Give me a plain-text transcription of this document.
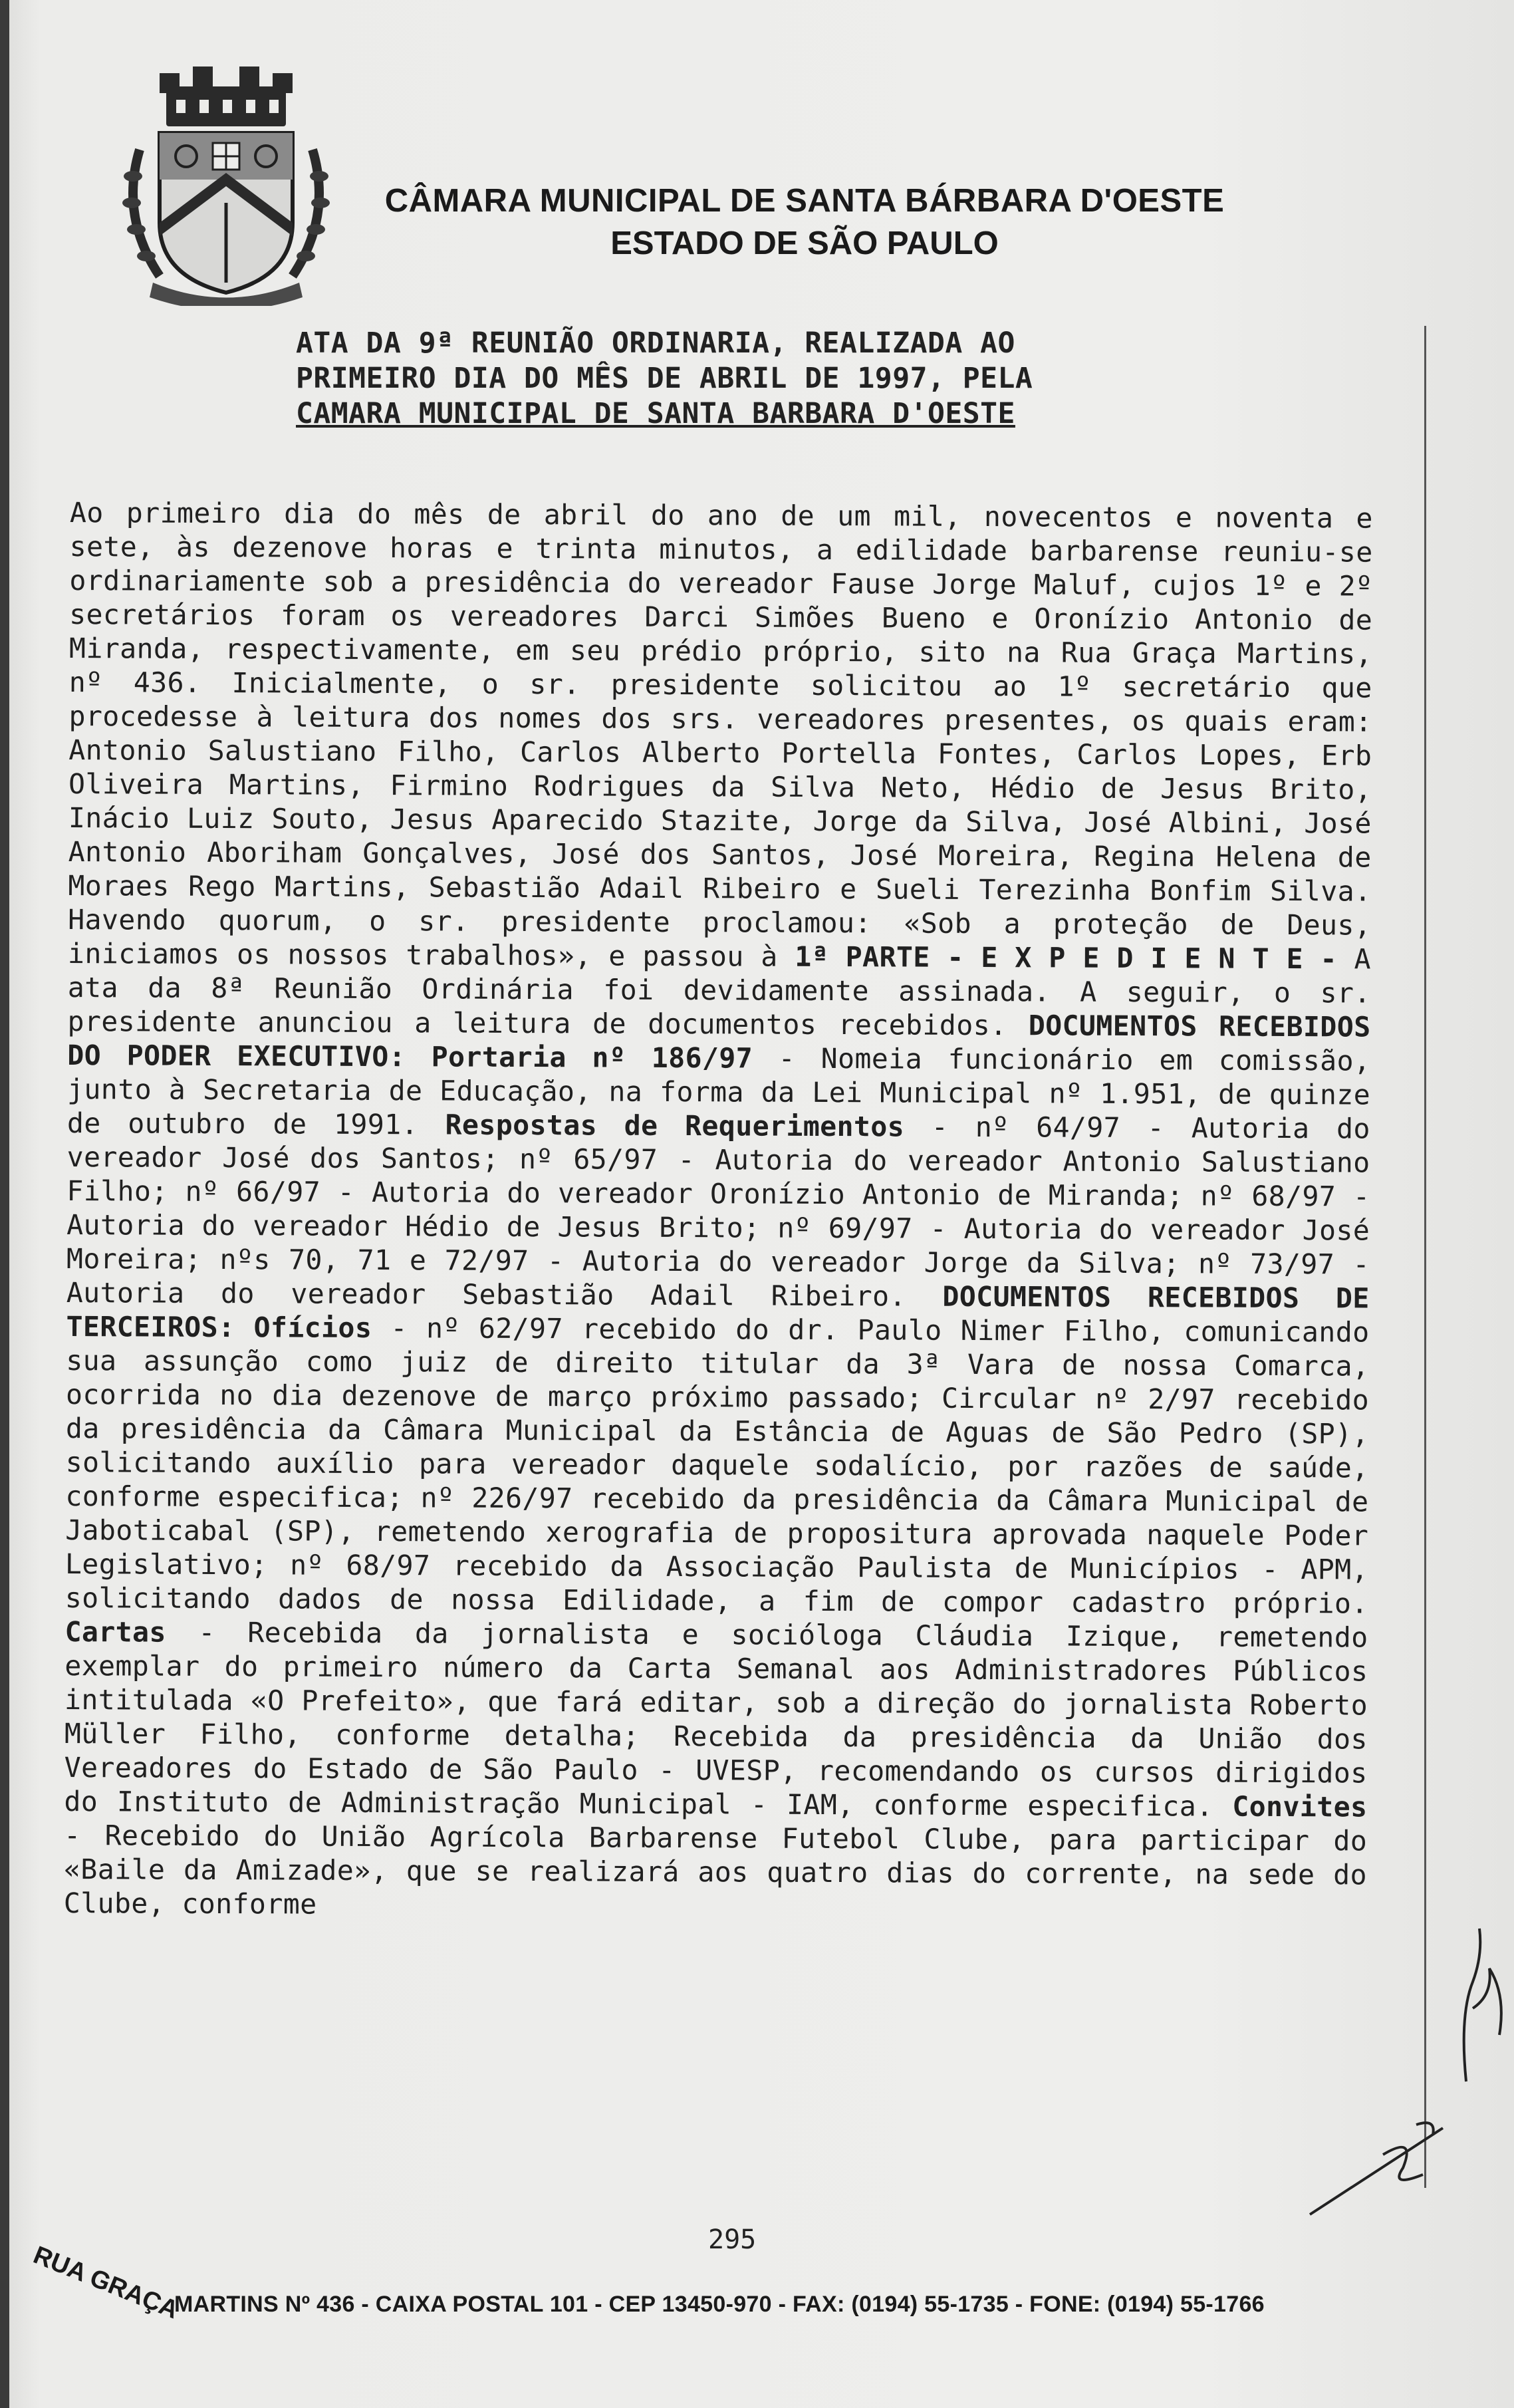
CÂMARA MUNICIPAL DE SANTA BÁRBARA D'OESTE
ESTADO DE SÃO PAULO
ATA DA 9ª REUNIÃO ORDINARIA, REALIZADA AO
PRIMEIRO DIA DO MÊS DE ABRIL DE 1997, PELA
CAMARA MUNICIPAL DE SANTA BARBARA D'OESTE

Ao primeiro dia do mês de abril do ano de um mil, novecentos e noventa e sete, às dezenove horas e trinta minutos, a edilidade barbarense reuniu-se ordinariamente sob a presidência do vereador Fause Jorge Maluf, cujos 1º e 2º secretários foram os vereadores Darci Simões Bueno e Oronízio Antonio de Miranda, respectivamente, em seu prédio próprio, sito na Rua Graça Martins, nº 436. Inicialmente, o sr. presidente solicitou ao 1º secretário que procedesse à leitura dos nomes dos srs. vereadores presentes, os quais eram: Antonio Salustiano Filho, Carlos Alberto Portella Fontes, Carlos Lopes, Erb Oliveira Martins, Firmino Rodrigues da Silva Neto, Hédio de Jesus Brito, Inácio Luiz Souto, Jesus Aparecido Stazite, Jorge da Silva, José Albini, José Antonio Aboriham Gonçalves, José dos Santos, José Moreira, Regina Helena de Moraes Rego Martins, Sebastião Adail Ribeiro e Sueli Terezinha Bonfim Silva. Havendo quorum, o sr. presidente proclamou: «Sob a proteção de Deus, iniciamos os nossos trabalhos», e passou à 1ª PARTE - E X P E D I E N T E - A ata da 8ª Reunião Ordinária foi devidamente assinada. A seguir, o sr. presidente anunciou a leitura de documentos recebidos. DOCUMENTOS RECEBIDOS DO PODER EXECUTIVO: Portaria nº 186/97 - Nomeia funcionário em comissão, junto à Secretaria de Educação, na forma da Lei Municipal nº 1.951, de quinze de outubro de 1991. Respostas de Requerimentos - nº 64/97 - Autoria do vereador José dos Santos; nº 65/97 - Autoria do vereador Antonio Salustiano Filho; nº 66/97 - Autoria do vereador Oronízio Antonio de Miranda; nº 68/97 - Autoria do vereador Hédio de Jesus Brito; nº 69/97 - Autoria do vereador José Moreira; nºs 70, 71 e 72/97 - Autoria do vereador Jorge da Silva; nº 73/97 - Autoria do vereador Sebastião Adail Ribeiro. DOCUMENTOS RECEBIDOS DE TERCEIROS: Ofícios - nº 62/97 recebido do dr. Paulo Nimer Filho, comunicando sua assunção como juiz de direito titular da 3ª Vara de nossa Comarca, ocorrida no dia dezenove de março próximo passado; Circular nº 2/97 recebido da presidência da Câmara Municipal da Estância de Aguas de São Pedro (SP), solicitando auxílio para vereador daquele sodalício, por razões de saúde, conforme especifica; nº 226/97 recebido da presidência da Câmara Municipal de Jaboticabal (SP), remetendo xerografia de propositura aprovada naquele Poder Legislativo; nº 68/97 recebido da Associação Paulista de Municípios - APM, solicitando dados de nossa Edilidade, a fim de compor cadastro próprio. Cartas - Recebida da jornalista e socióloga Cláudia Izique, remetendo exemplar do primeiro número da Carta Semanal aos Administradores Públicos intitulada «O Prefeito», que fará editar, sob a direção do jornalista Roberto Müller Filho, conforme detalha; Recebida da presidência da União dos Vereadores do Estado de São Paulo - UVESP, recomendando os cursos dirigidos do Instituto de Administração Municipal - IAM, conforme especifica. Convites - Recebido do União Agrícola Barbarense Futebol Clube, para participar do «Baile da Amizade», que se realizará aos quatro dias do corrente, na sede do Clube, conforme

295
RUA GRAÇA
MARTINS Nº 436 - CAIXA POSTAL 101 - CEP 13450-970 - FAX: (0194) 55-1735 - FONE: (0194) 55-1766
